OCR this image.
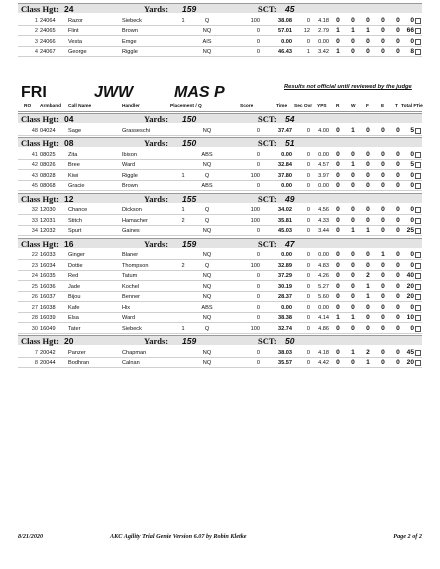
Class Hgt: 24	Yards: 159	SCT: 45
1 24064 Razor	Siebeck	1	Q	100	38.08	0	4.18	0	0	0	0	0	0
2 24065 Flint	Brown	NQ	0	57.01	12	2.79	1	1	1	0	0	66
3 24066 Vesta	Emge	AIS	0	0.00	0	0.00	0	0	0	0	0	0
4 24067 George	Riggle	NQ	0	46.43	1	3.42	1	0	0	0	0	8
Class Hgt: 04	Yards: 150	SCT: 54
48 04024 Sage	Grasseschi	NQ	0	37.47	0	4.00	0	1	0	0	0	5
Class Hgt: 08	Yards: 150	SCT: 51
41 08025 Zita	Ibison	ABS	0	0.00	0	0.00	0	0	0	0	0	0
42 08026 Bree	Ward	NQ	0	32.84	0	4.57	0	1	0	0	0	5
43 08028 Kiwi	Riggle	1	Q	100	37.80	0	3.97	0	0	0	0	0	0
45 08068 Gracie	Brown	ABS	0	0.00	0	0.00	0	0	0	0	0	0
Class Hgt: 12	Yards: 155	SCT: 49
32 12030 Chance	Dickson	1	Q	100	34.02	0	4.56	0	0	0	0	0	0
33 12031 Stitch	Hamacher	2	Q	100	35.81	0	4.33	0	0	0	0	0	0
34 12032 Spurt	Gaines	NQ	0	45.03	0	3.44	0	1	1	0	0	25
Class Hgt: 16	Yards: 159	SCT: 47
22 16033 Ginger	Blaner	NQ	0	0.00	0	0.00	0	0	0	1	0	0
23 16034 Dottie	Thompson	2	Q	100	32.89	0	4.83	0	0	0	0	0	0
24 16035 Red	Tatum	NQ	0	37.29	0	4.26	0	0	2	0	0	40
25 16036 Jade	Kochel	NQ	0	30.19	0	5.27	0	0	1	0	0	20
26 16037 Bijou	Benner	NQ	0	28.37	0	5.60	0	0	1	0	0	20
27 16038 Kafe	Hix	ABS	0	0.00	0	0.00	0	0	0	0	0	0
28 16039 Elsa	Ward	NQ	0	38.38	0	4.14	1	1	0	0	0	10
30 16049 Tater	Siebeck	1	Q	100	32.74	0	4.86	0	0	0	0	0	0
Class Hgt: 20	Yards: 159	SCT: 50
7 20042 Panzer	Chapman	NQ	0	38.03	0	4.18	0	1	2	0	0	45
8 20044 Bodhran	Calnan	NQ	0	35.57	0	4.42	0	0	1	0	0	20
FRI	JWW	MAS P	Results not official until reviewed by the judge
RO Armband Call Name	Handler	Placement / Q	Score	Time Sec Ovr YPS R W F	E T Total F Tie
8/21/2020	AKC Agility Trial Genie Version 6.07 by Robin Kletke	Page 2 of 2
